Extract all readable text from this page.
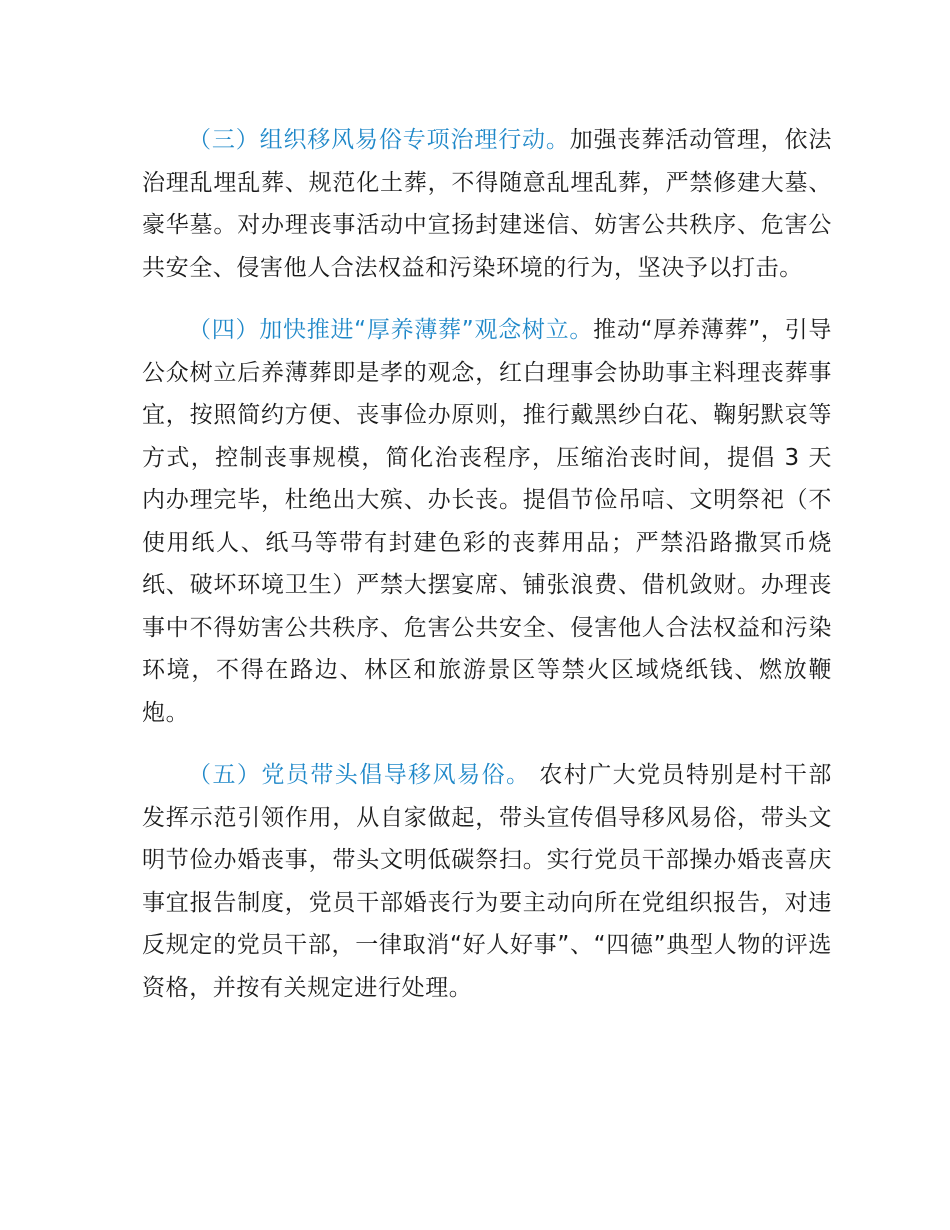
（三）组织移风易俗专项治理行动。加强丧葬活动管理，依法治理乱埋乱葬、规范化土葬，不得随意乱埋乱葬，严禁修建大墓、豪华墓。对办理丧事活动中宣扬封建迷信、妨害公共秩序、危害公共安全、侵害他人合法权益和污染环境的行为，坚决予以打击。

（四）加快推进“厚养薄葬”观念树立。推动“厚养薄葬”，引导公众树立后养薄葬即是孝的观念，红白理事会协助事主料理丧葬事宜，按照简约方便、丧事俭办原则，推行戴黑纱白花、鞠躬默哀等方式，控制丧事规模，简化治丧程序，压缩治丧时间，提倡 3 天内办理完毕，杜绝出大殡、办长丧。提倡节俭吊唁、文明祭祀（不使用纸人、纸马等带有封建色彩的丧葬用品；严禁沿路撒冥币烧纸、破坏环境卫生）严禁大摆宴席、铺张浪费、借机敛财。办理丧事中不得妨害公共秩序、危害公共安全、侵害他人合法权益和污染环境，不得在路边、林区和旅游景区等禁火区域烧纸钱、燃放鞭炮。

（五）党员带头倡导移风易俗。 农村广大党员特别是村干部发挥示范引领作用，从自家做起，带头宣传倡导移风易俗，带头文明节俭办婚丧事，带头文明低碳祭扫。实行党员干部操办婚丧喜庆事宜报告制度，党员干部婚丧行为要主动向所在党组织报告，对违反规定的党员干部，一律取消“好人好事”、“四德”典型人物的评选资格，并按有关规定进行处理。
